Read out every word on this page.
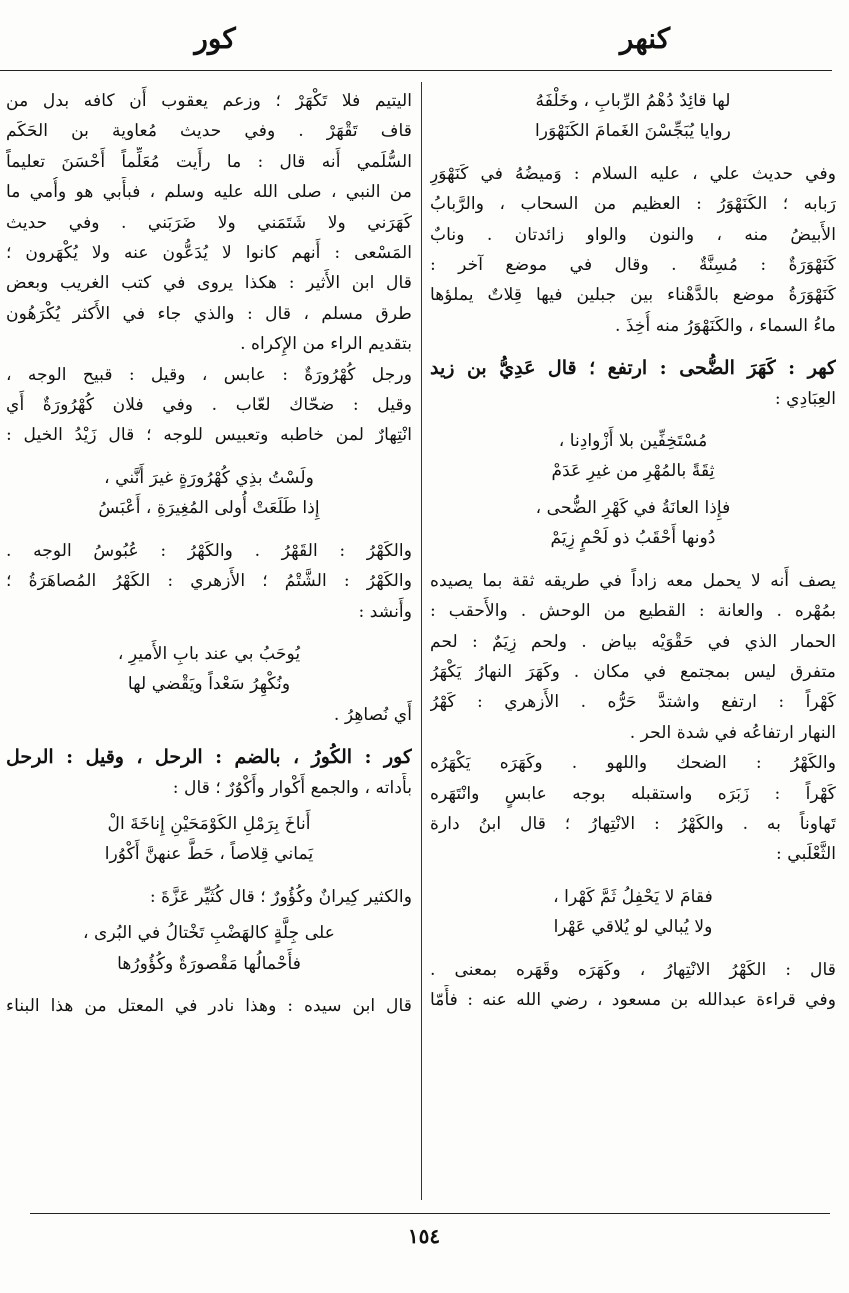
كنهر
كور
لها قائِدٌ دُهْمُ الرِّبابِ ، وخَلْفَهُ
روايا يُبَجِّسْنَ الغَمامَ الكَنَهْوَرا
وفي حديث علي ، عليه السلام : وَميضُهُ في كَنَهْوَرِ
رَبابه ؛ الكَنَهْوَرُ : العظيم من السحاب ، والرَّبابُ
الأَبيضُ منه ، والنون والواو زائدتان . ونابٌ
كَنَهْوَرَةٌ : مُسِنَّةٌ . وقال في موضع آخر :
كَنَهْوَرَةُ موضع بالدَّهْناء بين جبلين فيها قِلاتٌ يملؤها
ماءُ السماء ، والكَنَهْوَرُ منه أُخِذَ .
كهر : كَهَرَ الضُّحى : ارتفع ؛ قال عَدِيُّ بن زيد
العِبَادِي :
مُسْتَخِفِّين بلا أَزْوادِنا ،
ثِقَةً بالمُهْرِ من غيرِ عَدَمْ
فإِذا العانَةُ في كَهْرِ الضُّحى ،
دُونها أَحْقَبُ ذو لَحْمٍ زِيَمْ
يصف أَنه لا يحمل معه زاداً في طريقه ثقة بما يصيده
بمُهْره . والعانة : القطيع من الوحش . والأَحقب :
الحمار الذي في حَقْوَيْه بياض . ولحم زِيَمٌ : لحم
متفرق ليس بمجتمع في مكان . وكَهَرَ النهارُ يَكْهَرُ
كَهْراً : ارتفع واشتدَّ حَرُّه . الأَزهري : كَهْرُ
النهار ارتفاعُه في شدة الحر .
والكَهْرُ : الضحك واللهو . وكَهَرَه يَكْهَرُه
كَهْراً : زَبَرَه واستقبله بوجه عابسٍ وانْتَهَره
تَهاوناً به . والكَهْرُ : الانْتِهارُ ؛ قال ابنُ دارة
الثَّعْلَبي :
فقامَ لا يَحْفِلُ ثَمَّ كَهْرا ،
ولا يُبالي لو يُلاقي عَهْرا
قال : الكَهْرُ الانْتِهارُ ، وكَهَرَه وقَهَره بمعنى .
وفي قراءة عبدالله بن مسعود ، رضي الله عنه : فأَمّا
اليتيم فلا تَكْهَرْ ؛ وزعم يعقوب أَن كافه بدل من
قاف تَقْهَرْ . وفي حديث مُعاوية بن الحَكَم
السُّلَمي أَنه قال : ما رأَيت مُعَلِّماً أَحْسَنَ تعليماً
من النبي ، صلى الله عليه وسلم ، فبأَبي هو وأُمي ما
كَهَرَني ولا شَتَمَني ولا ضَرَبَني . وفي حديث
المَسْعى : أَنهم كانوا لا يُدَعُّون عنه ولا يُكْهَرون ؛
قال ابن الأَثير : هكذا يروى في كتب الغريب وبعض
طرق مسلم ، قال : والذي جاء في الأَكثر يُكْرَهُون
بتقديم الراء من الإِكراه .
ورجل كُهْرُورَةٌ : عابس ، وقيل : قبيح الوجه ،
وقيل : ضحّاك لعّاب . وفي فلان كُهْرُورَةٌ أَي
انْتِهارٌ لمن خاطبه وتعبيس للوجه ؛ قال زَيْدُ الخيل :
ولَسْتُ بذِي كُهْرُورَةٍ غيرَ أَنَّني ،
إِذا طَلَعَتْ أُولى المُغِيرَةِ ، أَعْبَسُ
والكَهْرُ : القَهْرُ . والكَهْرُ : عُبُوسُ الوجه .
والكَهْرُ : الشَّتْمُ ؛ الأَزهري : الكَهْرُ المُصاهَرَةُ ؛
وأَنشد :
يُوحَبُ بي عند بابِ الأَميرِ ،
ونُكْهِرُ سَعْداً ويَقْضي لها
أَي نُصاهِرُ .
كور : الكُورُ ، بالضم : الرحل ، وقيل : الرحل
بأَداته ، والجمع أَكْوار وأَكْوُرٌ ؛ قال :
أَناخَ بِرَمْلِ الكَوْمَحَيْنِ إِناخَةَ الْ
يَماني قِلاصاً ، حَطَّ عنهنَّ أَكْوُرا
والكثير كِيرانٌ وكُؤُورٌ ؛ قال كُثَيِّر عَزَّةَ :
على جِلَّةٍ كالهَضْبِ تَخْتالُ في البُرى ،
فأَحْمالُها مَقْصورَةٌ وكُؤُورُها
قال ابن سيده : وهذا نادر في المعتل من هذا البناء
١٥٤
